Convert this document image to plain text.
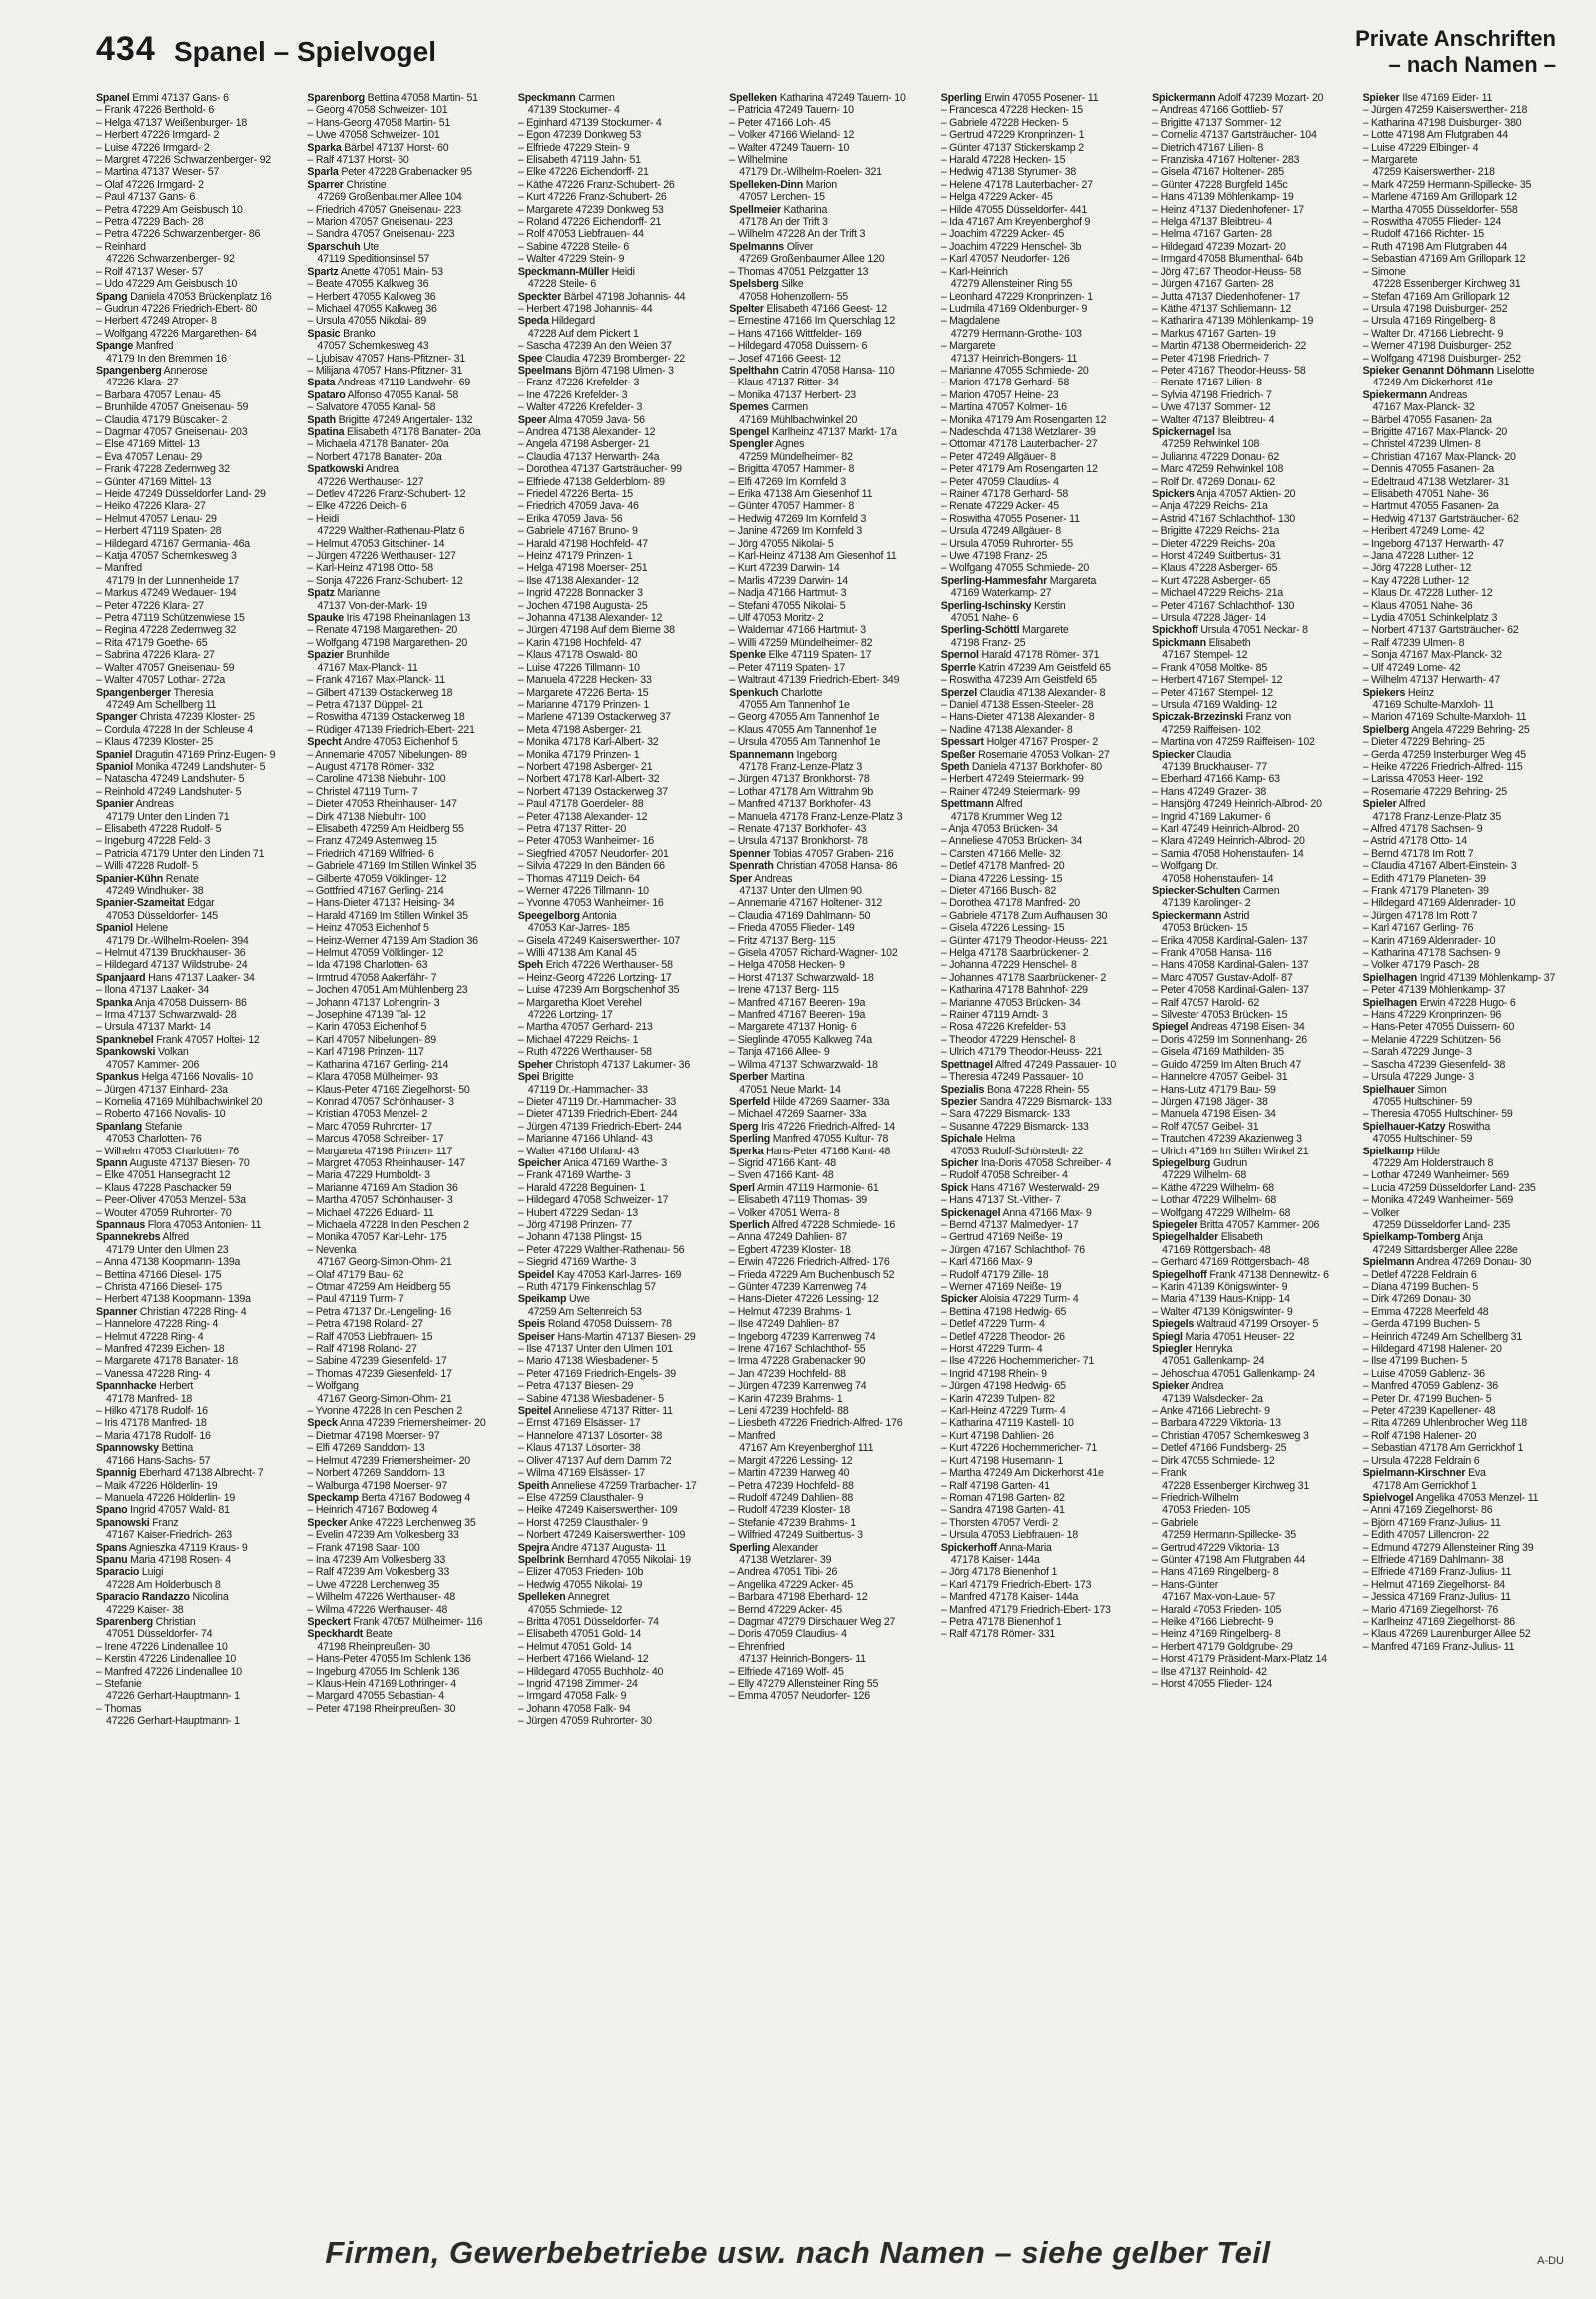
434 Spanel – Spielvogel	Private Anschriften
– nach Namen –
Spanel Emmi 47137 Gans- 6
– Frank 47226 Berthold- 6
– Helga 47137 Weißenburger- 18
– Herbert 47226 Irmgard- 2
– Luise 47226 Irmgard- 2
– Margret 47226 Schwarzenberger- 92
– Martina 47137 Weser- 57
– Olaf 47226 Irmgard- 2
– Paul 47137 Gans- 6
– Petra 47229 Am Geisbusch 10
– Petra 47229 Bach- 28
– Petra 47226 Schwarzenberger- 86
– Reinhard
47226 Schwarzenberger- 92
– Rolf 47137 Weser- 57
– Udo 47229 Am Geisbusch 10
Spang Daniela 47053 Brückenplatz 16
– Gudrun 47226 Friedrich-Ebert- 80
– Herbert 47249 Atroper- 8
– Wolfgang 47226 Margarethen- 64
Spange Manfred
47179 In den Bremmen 16
Spangenberg Annerose
47226 Klara- 27
– Barbara 47057 Lenau- 45
– Brunhilde 47057 Gneisenau- 59
– Claudia 47179 Büscaker- 2
– Dagmar 47057 Gneisenau- 203
– Else 47169 Mittel- 13
– Eva 47057 Lenau- 29
– Frank 47228 Zedernweg 32
– Günter 47169 Mittel- 13
– Heide 47249 Düsseldorfer Land- 29
– Heiko 47226 Klara- 27
– Helmut 47057 Lenau- 29
– Herbert 47119 Spaten- 28
– Hildegard 47167 Germania- 46a
– Katja 47057 Schemkesweg 3
– Manfred
47179 In der Lunnenheide 17
– Markus 47249 Wedauer- 194
– Peter 47226 Klara- 27
– Petra 47119 Schützenwiese 15
– Regina 47228 Zedernweg 32
– Rita 47179 Goethe- 65
– Sabrina 47226 Klara- 27
– Walter 47057 Gneisenau- 59
– Walter 47057 Lothar- 272a
Spangenberger Theresia
47249 Am Schellberg 11
Spanger Christa 47239 Kloster- 25
– Cordula 47228 In der Schleuse 4
– Klaus 47239 Kloster- 25
Spaniel Dragutin 47169 Prinz-Eugen- 9
Spaniol Monika 47249 Landshuter- 5
– Natascha 47249 Landshuter- 5
– Reinhold 47249 Landshuter- 5
Spanier Andreas
47179 Unter den Linden 71
– Elisabeth 47228 Rudolf- 5
– Ingeburg 47228 Feld- 3
– Patricia 47179 Unter den Linden 71
– Willi 47228 Rudolf- 5
Spanier-Kühn Renate
47249 Windhuker- 38
Spanier-Szameitat Edgar
47053 Düsseldorfer- 145
Spaniol Helene
47179 Dr.-Wilhelm-Roelen- 394
– Helmut 47139 Bruckhauser- 36
– Hildegard 47137 Wildstrube- 24
Spanjaard Hans 47137 Laaker- 34
– Ilona 47137 Laaker- 34
Spanka Anja 47058 Duissern- 86
– Irma 47137 Schwarzwald- 28
– Ursula 47137 Markt- 14
Spanknebel Frank 47057 Holtei- 12
Spankowski Volkan
47057 Kammer- 206
Spankus Helga 47166 Novalis- 10
– Jürgen 47137 Einhard- 23a
– Kornelia 47169 Mühlbachwinkel 20
– Roberto 47166 Novalis- 10
Spanlang Stefanie
47053 Charlotten- 76
– Wilhelm 47053 Charlotten- 76
Spann Auguste 47137 Biesen- 70
– Elke 47051 Hansegracht 12
– Klaus 47228 Paschacker 59
– Peer-Oliver 47053 Menzel- 53a
– Wouter 47059 Ruhrorter- 70
Spannaus Flora 47053 Antonien- 11
Spannekrebs Alfred
47179 Unter den Ulmen 23
– Anna 47138 Koopmann- 139a
– Bettina 47166 Diesel- 175
– Christa 47166 Diesel- 175
– Herbert 47138 Koopmann- 139a
Spanner Christian 47228 Ring- 4
– Hannelore 47228 Ring- 4
– Helmut 47228 Ring- 4
– Manfred 47239 Eichen- 18
– Margarete 47178 Banater- 18
– Vanessa 47228 Ring- 4
Spannhacke Herbert
47178 Manfred- 18
– Hilko 47178 Rudolf- 16
– Iris 47178 Manfred- 18
– Maria 47178 Rudolf- 16
Spannowsky Bettina
47166 Hans-Sachs- 57
Spannig Eberhard 47138 Albrecht- 7
– Maik 47226 Hölderlin- 19
– Manuela 47226 Hölderlin- 19
Spano Ingrid 47057 Wald- 81
Spanowski Franz
47167 Kaiser-Friedrich- 263
Spans Agnieszka 47119 Kraus- 9
Spanu Maria 47198 Rosen- 4
Sparacio Luigi
47228 Am Holderbusch 8
Sparacio Randazzo Nicolina
47229 Kaiser- 38
Sparenberg Christian
47051 Düsseldorfer- 74
– Irene 47226 Lindenallee 10
– Kerstin 47226 Lindenallee 10
– Manfred 47226 Lindenallee 10
– Stefanie
47226 Gerhart-Hauptmann- 1
– Thomas
47226 Gerhart-Hauptmann- 1
Sparenborg Bettina 47058 Martin- 51
– Georg 47058 Schweizer- 101
– Hans-Georg 47058 Martin- 51
– Uwe 47058 Schweizer- 101
Sparka Bärbel 47137 Horst- 60
– Ralf 47137 Horst- 60
Sparla Peter 47228 Grabenacker 95
Sparrer Christine
47269 Großenbaumer Allee 104
– Friedrich 47057 Gneisenau- 223
– Marion 47057 Gneisenau- 223
– Sandra 47057 Gneisenau- 223
Sparschuh Ute
47119 Speditionsinsel 57
Spartz Anette 47051 Main- 53
– Beate 47055 Kalkweg 36
– Herbert 47055 Kalkweg 36
– Michael 47055 Kalkweg 36
– Ursula 47055 Nikolai- 89
Spasic Branko
47057 Schemkesweg 43
– Ljubisav 47057 Hans-Pfitzner- 31
– Milijana 47057 Hans-Pfitzner- 31
Spata Andreas 47119 Landwehr- 69
Spataro Alfonso 47055 Kanal- 58
– Salvatore 47055 Kanal- 58
Spath Brigitte 47249 Angertaler- 132
Spatina Elisabeth 47178 Banater- 20a
– Michaela 47178 Banater- 20a
– Norbert 47178 Banater- 20a
Spatkowski Andrea
47226 Werthauser- 127
– Detlev 47226 Franz-Schubert- 12
– Elke 47226 Deich- 6
– Heidi
47229 Walther-Rathenau-Platz 6
– Helmut 47053 Gitschiner- 14
– Jürgen 47226 Werthauser- 127
– Karl-Heinz 47198 Otto- 58
– Sonja 47226 Franz-Schubert- 12
Spatz Marianne
47137 Von-der-Mark- 19
Spauke Iris 47198 Rheinanlagen 13
– Renate 47198 Margarethen- 20
– Wolfgang 47198 Margarethen- 20
Spazier Brunhilde
47167 Max-Planck- 11
– Frank 47167 Max-Planck- 11
– Gilbert 47139 Ostackerweg 18
– Petra 47137 Düppel- 21
– Roswitha 47139 Ostackerweg 18
– Rüdiger 47139 Friedrich-Ebert- 221
Specht Andre 47053 Eichenhof 5
– Annemarie 47057 Nibelungen- 89
– August 47178 Römer- 332
– Caroline 47138 Niebuhr- 100
– Christel 47119 Turm- 7
– Dieter 47053 Rheinhauser- 147
– Dirk 47138 Niebuhr- 100
– Elisabeth 47259 Am Heidberg 55
– Franz 47249 Asternweg 15
– Friedrich 47169 Wilfried- 6
– Gabriele 47169 Im Stillen Winkel 35
– Gilberte 47059 Völklinger- 12
– Gottfried 47167 Gerling- 214
– Hans-Dieter 47137 Heising- 34
– Harald 47169 Im Stillen Winkel 35
– Heinz 47053 Eichenhof 5
– Heinz-Werner 47169 Am Stadion 36
– Helmut 47059 Völklinger- 12
– Ida 47198 Charlotten- 63
– Irmtrud 47058 Aakerfähr- 7
– Jochen 47051 Am Mühlenberg 23
– Johann 47137 Lohengrin- 3
– Josephine 47139 Tal- 12
– Karin 47053 Eichenhof 5
– Karl 47057 Nibelungen- 89
– Karl 47198 Prinzen- 117
– Katharina 47167 Gerling- 214
– Klara 47058 Mülheimer- 93
– Klaus-Peter 47169 Ziegelhorst- 50
– Konrad 47057 Schönhauser- 3
– Kristian 47053 Menzel- 2
– Marc 47059 Ruhrorter- 17
– Marcus 47058 Schreiber- 17
– Margareta 47198 Prinzen- 117
– Margret 47053 Rheinhauser- 147
– Maria 47229 Humboldt- 3
– Marianne 47169 Am Stadion 36
– Martha 47057 Schönhauser- 3
– Michael 47226 Eduard- 11
– Michaela 47228 In den Peschen 2
– Monika 47057 Karl-Lehr- 175
– Nevenka
47167 Georg-Simon-Ohm- 21
– Olaf 47179 Bau- 62
– Otmar 47259 Am Heidberg 55
– Paul 47119 Turm- 7
– Petra 47137 Dr.-Lengeling- 16
– Petra 47198 Roland- 27
– Ralf 47053 Liebfrauen- 15
– Ralf 47198 Roland- 27
– Sabine 47239 Giesenfeld- 17
– Thomas 47239 Giesenfeld- 17
– Wolfgang
47167 Georg-Simon-Ohm- 21
– Yvonne 47228 In den Peschen 2
Speck Anna 47239 Friemersheimer- 20
– Dietmar 47198 Moerser- 97
– Elfi 47269 Sanddorn- 13
– Helmut 47239 Friemersheimer- 20
– Norbert 47269 Sanddorn- 13
– Walburga 47198 Moerser- 97
Speckamp Berta 47167 Bodoweg 4
– Heinrich 47167 Bodoweg 4
Specker Anke 47228 Lerchenweg 35
– Evelin 47239 Am Volkesberg 33
– Frank 47198 Saar- 100
– Ina 47239 Am Volkesberg 33
– Ralf 47239 Am Volkesberg 33
– Uwe 47228 Lerchenweg 35
– Wilhelm 47226 Werthauser- 48
– Wilma 47226 Werthauser- 48
Speckert Frank 47057 Mülheimer- 116
Speckhardt Beate
47198 Rheinpreußen- 30
– Hans-Peter 47055 Im Schlenk 136
– Ingeburg 47055 Im Schlenk 136
– Klaus-Hein 47169 Lothringer- 4
– Margard 47055 Sebastian- 4
– Peter 47198 Rheinpreußen- 30
Speckmann Carmen
47139 Stockumer- 4
– Eginhard 47139 Stockumer- 4
– Egon 47239 Donkweg 53
– Elfriede 47229 Stein- 9
– Elisabeth 47119 Jahn- 51
– Elke 47226 Eichendorff- 21
– Käthe 47226 Franz-Schubert- 26
– Kurt 47226 Franz-Schubert- 26
– Margarete 47239 Donkweg 53
– Roland 47226 Eichendorff- 21
– Rolf 47053 Liebfrauen- 44
– Sabine 47228 Steile- 6
– Walter 47229 Stein- 9
Speckmann-Müller Heidi
47228 Steile- 6
Speckter Bärbel 47198 Johannis- 44
– Herbert 47198 Johannis- 44
Speda Hildegard
47228 Auf dem Pickert 1
– Sascha 47239 An den Weien 37
Spee Claudia 47239 Bromberger- 22
Speelmans Björn 47198 Ulmen- 3
– Franz 47226 Krefelder- 3
– Ine 47226 Krefelder- 3
– Walter 47226 Krefelder- 3
Speer Alma 47059 Java- 56
– Andrea 47138 Alexander- 12
– Angela 47198 Asberger- 21
– Claudia 47137 Herwarth- 24a
– Dorothea 47137 Gartsträucher- 99
– Elfriede 47138 Gelderblom- 89
– Friedel 47226 Berta- 15
– Friedrich 47059 Java- 46
– Erika 47059 Java- 56
– Gabriele 47167 Bruno- 9
– Harald 47198 Hochfeld- 47
– Heinz 47179 Prinzen- 1
– Helga 47198 Moerser- 251
– Ilse 47138 Alexander- 12
– Ingrid 47228 Bonnacker 3
– Jochen 47198 Augusta- 25
– Johanna 47138 Alexander- 12
– Jürgen 47198 Auf dem Bieme 38
– Karin 47198 Hochfeld- 47
– Klaus 47178 Oswald- 80
– Luise 47226 Tillmann- 10
– Manuela 47228 Hecken- 33
– Margarete 47226 Berta- 15
– Marianne 47179 Prinzen- 1
– Marlene 47139 Ostackerweg 37
– Meta 47198 Asberger- 21
– Monika 47178 Karl-Albert- 32
– Monika 47179 Prinzen- 1
– Norbert 47198 Asberger- 21
– Norbert 47178 Karl-Albert- 32
– Norbert 47139 Ostackerweg 37
– Paul 47178 Goerdeler- 88
– Peter 47138 Alexander- 12
– Petra 47137 Ritter- 20
– Peter 47053 Wanheimer- 16
– Siegfried 47057 Neudorfer- 201
– Silvia 47229 In den Bänden 66
– Thomas 47119 Deich- 64
– Werner 47226 Tillmann- 10
– Yvonne 47053 Wanheimer- 16
Speegelborg Antonia
47053 Kar-Jarres- 185
– Gisela 47249 Kaiserswerther- 107
– Willi 47138 Am Kanal 45
Speh Erich 47226 Werthauser- 58
– Heinz-Georg 47226 Lortzing- 17
– Luise 47239 Am Borgschenhof 35
– Margaretha Kloet Verehel
47226 Lortzing- 17
– Martha 47057 Gerhard- 213
– Michael 47229 Reichs- 1
– Ruth 47226 Werthauser- 58
Speher Christoph 47137 Lakumer- 36
Spei Brigitte
47119 Dr.-Hammacher- 33
– Dieter 47119 Dr.-Hammacher- 33
– Dieter 47139 Friedrich-Ebert- 244
– Jürgen 47139 Friedrich-Ebert- 244
– Marianne 47166 Uhland- 43
– Walter 47166 Uhland- 43
Speicher Anica 47169 Warthe- 3
– Frank 47169 Warthe- 3
– Harald 47228 Beguinen- 1
– Hildegard 47058 Schweizer- 17
– Hubert 47229 Sedan- 13
– Jörg 47198 Prinzen- 77
– Johann 47138 Plingst- 15
– Peter 47229 Walther-Rathenau- 56
– Siegrid 47169 Warthe- 3
Speidel Kay 47053 Karl-Jarres- 169
– Ruth 47179 Finkenschlag 57
Speikamp Uwe
47259 Am Seltenreich 53
Speis Roland 47058 Duissern- 78
Speiser Hans-Martin 47137 Biesen- 29
– Ilse 47137 Unter den Ulmen 101
– Mario 47138 Wiesbadener- 5
– Peter 47169 Friedrich-Engels- 39
– Petra 47137 Biesen- 29
– Sabine 47138 Wiesbadener- 5
Speitel Anneliese 47137 Ritter- 11
– Ernst 47169 Elsässer- 17
– Hannelore 47137 Lösorter- 38
– Klaus 47137 Lösorter- 38
– Oliver 47137 Auf dem Damm 72
– Wilma 47169 Elsässer- 17
Speith Anneliese 47259 Trarbacher- 17
– Else 47259 Clausthaler- 9
– Heike 47249 Kaiserswerther- 109
– Horst 47259 Clausthaler- 9
– Norbert 47249 Kaiserswerther- 109
Spejra Andre 47137 Augusta- 11
Spelbrink Bernhard 47055 Nikolai- 19
– Elizer 47053 Frieden- 10b
– Hedwig 47055 Nikolai- 19
Spelleken Annegret
47055 Schmiede- 12
– Britta 47051 Düsseldorfer- 74
– Elisabeth 47051 Gold- 14
– Helmut 47051 Gold- 14
– Herbert 47166 Wieland- 12
– Hildegard 47055 Buchholz- 40
– Ingrid 47198 Zimmer- 24
– Irmgard 47058 Falk- 9
– Johann 47058 Falk- 94
– Jürgen 47059 Ruhrorter- 30
Spelleken Katharina 47249 Tauern- 10
– Patricia 47249 Tauern- 10
– Peter 47166 Loh- 45
– Volker 47166 Wieland- 12
– Walter 47249 Tauern- 10
– Wilhelmine
47179 Dr.-Wilhelm-Roelen- 321
Spelleken-Dinn Marion
47057 Lerchen- 15
Spellmeier Katharina
47178 An der Trift 3
– Wilhelm 47228 An der Trift 3
Spelmanns Oliver
47269 Großenbaumer Allee 120
– Thomas 47051 Pelzgatter 13
Spelsberg Silke
47058 Hohenzollern- 55
Spelter Elisabeth 47166 Geest- 12
– Ernestine 47166 Im Querschlag 12
– Hans 47166 Wittfelder- 169
– Hildegard 47058 Duissern- 6
– Josef 47166 Geest- 12
Spelthahn Catrin 47058 Hansa- 110
– Klaus 47137 Ritter- 34
– Monika 47137 Herbert- 23
Spemes Carmen
47169 Mühlbachwinkel 20
Spengel Karlheinz 47137 Markt- 17a
Spengler Agnes
47259 Mündelheimer- 82
– Brigitta 47057 Hammer- 8
– Elfi 47269 Im Kornfeld 3
– Erika 47138 Am Giesenhof 11
– Günter 47057 Hammer- 8
– Hedwig 47269 Im Kornfeld 3
– Janine 47269 Im Kornfeld 3
– Jörg 47055 Nikolai- 5
– Karl-Heinz 47138 Am Giesenhof 11
– Kurt 47239 Darwin- 14
– Marlis 47239 Darwin- 14
– Nadja 47166 Hartmut- 3
– Stefani 47055 Nikolai- 5
– Ulf 47053 Moritz- 2
– Waldemar 47166 Hartmut- 3
– Willi 47259 Mündelheimer- 82
Spenke Elke 47119 Spaten- 17
– Peter 47119 Spaten- 17
– Waltraut 47139 Friedrich-Ebert- 349
Spenkuch Charlotte
47055 Am Tannenhof 1e
– Georg 47055 Am Tannenhof 1e
– Klaus 47055 Am Tannenhof 1e
– Ursula 47055 Am Tannenhof 1e
Spannemann Ingeborg
47178 Franz-Lenze-Platz 3
– Jürgen 47137 Bronkhorst- 78
– Lothar 47178 Am Wittrahm 9b
– Manfred 47137 Borkhofer- 43
– Manuela 47178 Franz-Lenze-Platz 3
– Renate 47137 Borkhofer- 43
– Ursula 47137 Bronkhorst- 78
Spenner Tobias 47057 Graben- 216
Spenrath Christian 47058 Hansa- 86
Sper Andreas
47137 Unter den Ulmen 90
– Annemarie 47167 Holtener- 312
– Claudia 47169 Dahlmann- 50
– Frieda 47055 Flieder- 149
– Fritz 47137 Berg- 115
– Gisela 47057 Richard-Wagner- 102
– Helga 47058 Hecken- 9
– Horst 47137 Schwarzwald- 18
– Irene 47137 Berg- 115
– Manfred 47167 Beeren- 19a
– Manfred 47167 Beeren- 19a
– Margarete 47137 Honig- 6
– Sieglinde 47055 Kalkweg 74a
– Tanja 47166 Allee- 9
– Wilma 47137 Schwarzwald- 18
Sperber Martina
47051 Neue Markt- 14
Sperfeld Hilde 47269 Saarner- 33a
– Michael 47269 Saarner- 33a
Sperg Iris 47226 Friedrich-Alfred- 14
Sperling Manfred 47055 Kultur- 78
Sperka Hans-Peter 47166 Kant- 48
– Sigrid 47166 Kant- 48
– Sven 47166 Kant- 48
Sperl Armin 47119 Harmonie- 61
– Elisabeth 47119 Thomas- 39
– Volker 47051 Werra- 8
Sperlich Alfred 47228 Schmiede- 16
– Anna 47249 Dahlien- 87
– Egbert 47239 Kloster- 18
– Erwin 47226 Friedrich-Alfred- 176
– Frieda 47229 Am Buchenbusch 52
– Günter 47239 Karrenweg 74
– Hans-Dieter 47226 Lessing- 12
– Helmut 47239 Brahms- 1
– Ilse 47249 Dahlien- 87
– Ingeborg 47239 Karrenweg 74
– Irene 47167 Schlachthof- 55
– Irma 47228 Grabenacker 90
– Jan 47239 Hochfeld- 88
– Jürgen 47239 Karrenweg 74
– Karin 47239 Brahms- 1
– Leni 47239 Hochfeld- 88
– Liesbeth 47226 Friedrich-Alfred- 176
– Manfred
47167 Am Kreyenberghof 111
– Margit 47226 Lessing- 12
– Martin 47239 Harweg 40
– Petra 47239 Hochfeld- 88
– Rudolf 47249 Dahlien- 88
– Rudolf 47239 Kloster- 18
– Stefanie 47239 Brahms- 1
– Wilfried 47249 Suitbertus- 3
Sperling Alexander
47138 Wetzlarer- 39
– Andrea 47051 Tibi- 26
– Angelika 47229 Acker- 45
– Barbara 47198 Eberhard- 12
– Bernd 47229 Acker- 45
– Dagmar 47279 Dirschauer Weg 27
– Doris 47059 Claudius- 4
– Ehrenfried
47137 Heinrich-Bongers- 11
– Elfriede 47169 Wolf- 45
– Elly 47279 Allensteiner Ring 55
– Emma 47057 Neudorfer- 126
Sperling Erwin 47055 Posener- 11
– Francesca 47228 Hecken- 15
– Gabriele 47228 Hecken- 5
– Gertrud 47229 Kronprinzen- 1
– Günter 47137 Stickerskamp 2
– Harald 47228 Hecken- 15
– Hedwig 47138 Styrumer- 38
– Helene 47178 Lauterbacher- 27
– Helga 47229 Acker- 45
– Hilde 47055 Düsseldorfer- 441
– Ida 47167 Am Kreyenberghof 9
– Joachim 47229 Acker- 45
– Joachim 47229 Henschel- 3b
– Karl 47057 Neudorfer- 126
– Karl-Heinrich
47279 Allensteiner Ring 55
– Leonhard 47229 Kronprinzen- 1
– Ludmila 47169 Oldenburger- 9
– Magdalene
47279 Hermann-Grothe- 103
– Margarete
47137 Heinrich-Bongers- 11
– Marianne 47055 Schmiede- 20
– Marion 47178 Gerhard- 58
– Marion 47057 Heine- 23
– Martina 47057 Kolmer- 16
– Monika 47179 Am Rosengarten 12
– Nadeschda 47138 Wetzlarer- 39
– Ottomar 47178 Lauterbacher- 27
– Peter 47249 Allgäuer- 8
– Peter 47179 Am Rosengarten 12
– Peter 47059 Claudius- 4
– Rainer 47178 Gerhard- 58
– Renate 47229 Acker- 45
– Roswitha 47055 Posener- 11
– Ursula 47249 Allgäuer- 8
– Ursula 47059 Ruhrorter- 55
– Uwe 47198 Franz- 25
– Wolfgang 47055 Schmiede- 20
Sperling-Hammesfahr Margareta
47169 Waterkamp- 27
Sperling-Ischinsky Kerstin
47051 Nahe- 6
Sperling-Schöttl Margarete
47198 Franz- 25
Spernol Harald 47178 Römer- 371
Sperrle Katrin 47239 Am Geistfeld 65
– Roswitha 47239 Am Geistfeld 65
Sperzel Claudia 47138 Alexander- 8
– Daniel 47138 Essen-Steeler- 28
– Hans-Dieter 47138 Alexander- 8
– Nadine 47138 Alexander- 8
Spessart Holger 47167 Prosper- 2
Speßer Rosemarie 47053 Volkan- 27
Speth Daniela 47137 Borkhofer- 80
– Herbert 47249 Steiermark- 99
– Rainer 47249 Steiermark- 99
Spettmann Alfred
47178 Krummer Weg 12
– Anja 47053 Brücken- 34
– Anneliese 47053 Brücken- 34
– Carsten 47166 Melle- 32
– Detlef 47178 Manfred- 20
– Diana 47226 Lessing- 15
– Dieter 47166 Busch- 82
– Dorothea 47178 Manfred- 20
– Gabriele 47178 Zum Aufhausen 30
– Gisela 47226 Lessing- 15
– Günter 47179 Theodor-Heuss- 221
– Helga 47178 Saarbrückener- 2
– Johanna 47229 Henschel- 8
– Johannes 47178 Saarbrückener- 2
– Katharina 47178 Bahnhof- 229
– Marianne 47053 Brücken- 34
– Rainer 47119 Arndt- 3
– Rosa 47226 Krefelder- 53
– Theodor 47229 Henschel- 8
– Ulrich 47179 Theodor-Heuss- 221
Spettnagel Alfred 47249 Passauer- 10
– Theresia 47249 Passauer- 10
Spezialis Bona 47228 Rhein- 55
Spezier Sandra 47229 Bismarck- 133
– Sara 47229 Bismarck- 133
– Susanne 47229 Bismarck- 133
Spichale Helma
47053 Rudolf-Schönstedt- 22
Spicher Ina-Doris 47058 Schreiber- 4
– Rudolf 47058 Schreiber- 4
Spick Hans 47167 Westerwald- 29
– Hans 47137 St.-Vither- 7
Spickenagel Anna 47166 Max- 9
– Bernd 47137 Malmedyer- 17
– Gertrud 47169 Neiße- 19
– Jürgen 47167 Schlachthof- 76
– Karl 47166 Max- 9
– Rudolf 47179 Zille- 18
– Werner 47169 Neiße- 19
Spicker Aloisia 47229 Turm- 4
– Bettina 47198 Hedwig- 65
– Detlef 47229 Turm- 4
– Detlef 47228 Theodor- 26
– Horst 47229 Turm- 4
– Ilse 47226 Hochemmericher- 71
– Ingrid 47198 Rhein- 9
– Jürgen 47198 Hedwig- 65
– Karin 47239 Tulpen- 82
– Karl-Heinz 47229 Turm- 4
– Katharina 47119 Kastell- 10
– Kurt 47198 Dahlien- 26
– Kurt 47226 Hochemmericher- 71
– Kurt 47198 Husemann- 1
– Martha 47249 Am Dickerhorst 41e
– Ralf 47198 Garten- 41
– Roman 47198 Garten- 82
– Sandra 47198 Garten- 41
– Thorsten 47057 Verdi- 2
– Ursula 47053 Liebfrauen- 18
Spickerhoff Anna-Maria
47178 Kaiser- 144a
– Jörg 47178 Bienenhof 1
– Karl 47179 Friedrich-Ebert- 173
– Manfred 47178 Kaiser- 144a
– Manfred 47179 Friedrich-Ebert- 173
– Petra 47178 Bienenhof 1
– Ralf 47178 Römer- 331
Spickermann Adolf 47239 Mozart- 20
– Andreas 47166 Gottlieb- 57
– Brigitte 47137 Sommer- 12
– Cornelia 47137 Gartsträucher- 104
– Dietrich 47167 Lilien- 8
– Franziska 47167 Holtener- 283
– Gisela 47167 Holtener- 285
– Günter 47228 Burgfeld 145c
– Hans 47139 Möhlenkamp- 19
– Heinz 47137 Diedenhofener- 17
– Helga 47137 Bleibtreu- 4
– Helma 47167 Garten- 28
– Hildegard 47239 Mozart- 20
– Irmgard 47058 Blumenthal- 64b
– Jörg 47167 Theodor-Heuss- 58
– Jürgen 47167 Garten- 28
– Jutta 47137 Diedenhofener- 17
– Käthe 47137 Schliemann- 12
– Katharina 47139 Möhlenkamp- 19
– Markus 47167 Garten- 19
– Martin 47138 Obermeiderich- 22
– Peter 47198 Friedrich- 7
– Peter 47167 Theodor-Heuss- 58
– Renate 47167 Lilien- 8
– Sylvia 47198 Friedrich- 7
– Uwe 47137 Sommer- 12
– Walter 47137 Bleibtreu- 4
Spickernagel Isa
47259 Rehwinkel 108
– Julianna 47229 Donau- 62
– Marc 47259 Rehwinkel 108
– Rolf Dr. 47269 Donau- 62
Spickers Anja 47057 Aktien- 20
– Anja 47229 Reichs- 21a
– Astrid 47167 Schlachthof- 130
– Brigitte 47229 Reichs- 21a
– Dieter 47229 Reichs- 20a
– Horst 47249 Suitbertus- 31
– Klaus 47228 Asberger- 65
– Kurt 47228 Asberger- 65
– Michael 47229 Reichs- 21a
– Peter 47167 Schlachthof- 130
– Ursula 47228 Jäger- 14
Spickhoff Ursula 47051 Neckar- 8
Spickmann Elisabeth
47167 Stempel- 12
– Frank 47058 Moltke- 85
– Herbert 47167 Stempel- 12
– Peter 47167 Stempel- 12
– Ursula 47169 Walding- 12
Spiczak-Brzezinski Franz von
47259 Raiffeisen- 102
– Martina von 47259 Raiffeisen- 102
Spiecker Claudia
47139 Bruckhauser- 77
– Eberhard 47166 Kamp- 63
– Hans 47249 Grazer- 38
– Hansjörg 47249 Heinrich-Albrod- 20
– Ingrid 47169 Lakumer- 6
– Karl 47249 Heinrich-Albrod- 20
– Klara 47249 Heinrich-Albrod- 20
– Samia 47058 Hohenstaufen- 14
– Wolfgang Dr.
47058 Hohenstaufen- 14
Spiecker-Schulten Carmen
47139 Karolinger- 2
Spieckermann Astrid
47053 Brücken- 15
– Erika 47058 Kardinal-Galen- 137
– Frank 47058 Hansa- 116
– Hans 47058 Kardinal-Galen- 137
– Marc 47057 Gustav-Adolf- 87
– Peter 47058 Kardinal-Galen- 137
– Ralf 47057 Harold- 62
– Silvester 47053 Brücken- 15
Spiegel Andreas 47198 Eisen- 34
– Doris 47259 Im Sonnenhang- 26
– Gisela 47169 Mathilden- 35
– Guido 47259 Im Alten Bruch 47
– Hannelore 47057 Geibel- 31
– Hans-Lutz 47179 Bau- 59
– Jürgen 47198 Jäger- 38
– Manuela 47198 Eisen- 34
– Rolf 47057 Geibel- 31
– Trautchen 47239 Akazienweg 3
– Ulrich 47169 Im Stillen Winkel 21
Spiegelburg Gudrun
47229 Wilhelm- 68
– Käthe 47229 Wilhelm- 68
– Lothar 47229 Wilhelm- 68
– Wolfgang 47229 Wilhelm- 68
Spiegeler Britta 47057 Kammer- 206
Spiegelhalder Elisabeth
47169 Röttgersbach- 48
– Gerhard 47169 Röttgersbach- 48
Spiegelhoff Frank 47138 Dennewitz- 6
– Karin 47139 Königswinter- 9
– Maria 47139 Haus-Knipp- 14
– Walter 47139 Königswinter- 9
Spiegels Waltraud 47199 Orsoyer- 5
Spiegl Maria 47051 Heuser- 22
Spiegler Henryka
47051 Gallenkamp- 24
– Jehoschua 47051 Gallenkamp- 24
Spieker Andrea
47139 Walsdecker- 2a
– Anke 47166 Liebrecht- 9
– Barbara 47229 Viktoria- 13
– Christian 47057 Schemkesweg 3
– Detlef 47166 Fundsberg- 25
– Dirk 47055 Schmiede- 12
– Frank
47228 Essenberger Kirchweg 31
– Friedrich-Wilhelm
47053 Frieden- 105
– Gabriele
47259 Hermann-Spillecke- 35
– Gertrud 47229 Viktoria- 13
– Günter 47198 Am Flutgraben 44
– Hans 47169 Ringelberg- 8
– Hans-Günter
47167 Max-von-Laue- 57
– Harald 47053 Frieden- 105
– Heike 47166 Liebrecht- 9
– Heinz 47169 Ringelberg- 8
– Herbert 47179 Goldgrube- 29
– Horst 47179 Präsident-Marx-Platz 14
– Ilse 47137 Reinhold- 42
– Horst 47055 Flieder- 124
Spieker Ilse 47169 Eider- 11
– Jürgen 47259 Kaiserswerther- 218
– Katharina 47198 Duisburger- 380
– Lotte 47198 Am Flutgraben 44
– Luise 47229 Elbinger- 4
– Margarete
47259 Kaiserswerther- 218
– Mark 47259 Hermann-Spillecke- 35
– Marlene 47169 Am Grillopark 12
– Martha 47055 Düsseldorfer- 558
– Roswitha 47055 Flieder- 124
– Rudolf 47166 Richter- 15
– Ruth 47198 Am Flutgraben 44
– Sebastian 47169 Am Grillopark 12
– Simone
47228 Essenberger Kirchweg 31
– Stefan 47169 Am Grillopark 12
– Ursula 47198 Duisburger- 252
– Ursula 47169 Ringelberg- 8
– Walter Dr. 47166 Liebrecht- 9
– Werner 47198 Duisburger- 252
– Wolfgang 47198 Duisburger- 252
Spieker Genannt Döhmann Liselotte
47249 Am Dickerhorst 41e
Spiekermann Andreas
47167 Max-Planck- 32
– Bärbel 47055 Fasanen- 2a
– Brigitte 47167 Max-Planck- 20
– Christel 47239 Ulmen- 8
– Christian 47167 Max-Planck- 20
– Dennis 47055 Fasanen- 2a
– Edeltraud 47138 Wetzlarer- 31
– Elisabeth 47051 Nahe- 36
– Hartmut 47055 Fasanen- 2a
– Hedwig 47137 Gartsträucher- 62
– Heribert 47249 Lome- 42
– Ingeborg 47137 Herwarth- 47
– Jana 47228 Luther- 12
– Jörg 47228 Luther- 12
– Kay 47228 Luther- 12
– Klaus Dr. 47228 Luther- 12
– Klaus 47051 Nahe- 36
– Lydia 47051 Schinkelplatz 3
– Norbert 47137 Gartsträucher- 62
– Ralf 47239 Ulmen- 8
– Sonja 47167 Max-Planck- 32
– Ulf 47249 Lome- 42
– Wilhelm 47137 Herwarth- 47
Spiekers Heinz
47169 Schulte-Marxloh- 11
– Marion 47169 Schulte-Marxloh- 11
Spielberg Angela 47229 Behring- 25
– Dieter 47229 Behring- 25
– Gerda 47259 Insterburger Weg 45
– Heike 47226 Friedrich-Alfred- 115
– Larissa 47053 Heer- 192
– Rosemarie 47229 Behring- 25
Spieler Alfred
47178 Franz-Lenze-Platz 35
– Alfred 47178 Sachsen- 9
– Astrid 47178 Otto- 14
– Bernd 47178 Im Rott 7
– Claudia 47167 Albert-Einstein- 3
– Edith 47179 Planeten- 39
– Frank 47179 Planeten- 39
– Hildegard 47169 Aldenrader- 10
– Jürgen 47178 Im Rott 7
– Karl 47167 Gerling- 76
– Karin 47169 Aldenrader- 10
– Katharina 47178 Sachsen- 9
– Volker 47179 Pasch- 28
Spielhagen Ingrid 47139 Möhlenkamp- 37
– Peter 47139 Möhlenkamp- 37
Spielhagen Erwin 47228 Hugo- 6
– Hans 47229 Kronprinzen- 96
– Hans-Peter 47055 Duissern- 60
– Melanie 47229 Schützen- 56
– Sarah 47229 Junge- 3
– Sascha 47239 Giesenfeld- 38
– Ursula 47229 Junge- 3
Spielhauer Simon
47055 Hultschiner- 59
– Theresia 47055 Hultschiner- 59
Spielhauer-Katzy Roswitha
47055 Hultschiner- 59
Spielkamp Hilde
47229 Am Holderstrauch 8
– Lothar 47249 Wanheimer- 569
– Lucia 47259 Düsseldorfer Land- 235
– Monika 47249 Wanheimer- 569
– Volker
47259 Düsseldorfer Land- 235
Spielkamp-Tomberg Anja
47249 Sittardsberger Allee 228e
Spielmann Andrea 47269 Donau- 30
– Detlef 47228 Feldrain 6
– Diana 47199 Buchen- 5
– Dirk 47269 Donau- 30
– Emma 47228 Meerfeld 48
– Gerda 47199 Buchen- 5
– Heinrich 47249 Am Schellberg 31
– Hildegard 47198 Halener- 20
– Ilse 47199 Buchen- 5
– Luise 47059 Gablenz- 36
– Manfred 47059 Gablenz- 36
– Peter Dr. 47199 Buchen- 5
– Peter 47239 Kapellener- 48
– Rita 47269 Uhlenbrocher Weg 118
– Rolf 47198 Halener- 20
– Sebastian 47178 Am Gerrickhof 1
– Ursula 47228 Feldrain 6
Spielmann-Kirschner Eva
47178 Am Gerrickhof 1
Spielvogel Angelika 47053 Menzel- 11
– Anni 47169 Ziegelhorst- 86
– Björn 47169 Franz-Julius- 11
– Edith 47057 Lillencron- 22
– Edmund 47279 Allensteiner Ring 39
– Elfriede 47169 Dahlmann- 38
– Elfriede 47169 Franz-Julius- 11
– Helmut 47169 Ziegelhorst- 84
– Jessica 47169 Franz-Julius- 11
– Mario 47169 Ziegelhorst- 76
– Karlheinz 47169 Ziegelhorst- 86
– Klaus 47269 Laurenburger Allee 52
– Manfred 47169 Franz-Julius- 11
Firmen, Gewerbebetriebe usw. nach Namen – siehe gelber Teil	A-DU
